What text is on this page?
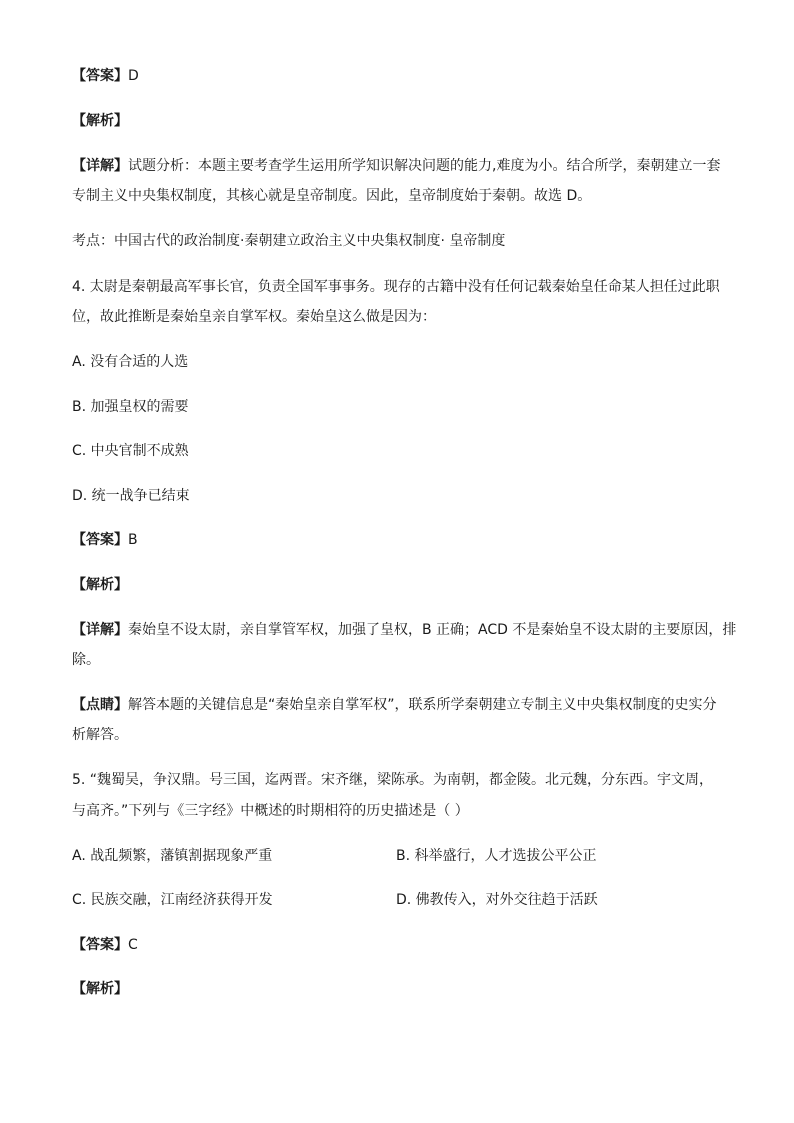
【答案】D
【解析】
【详解】试题分析：本题主要考查学生运用所学知识解决问题的能力,难度为小。结合所学，秦朝建立一套
专制主义中央集权制度，其核心就是皇帝制度。因此，皇帝制度始于秦朝。故选 D。
考点：中国古代的政治制度·秦朝建立政治主义中央集权制度· 皇帝制度
4. 太尉是秦朝最高军事长官，负责全国军事事务。现存的古籍中没有任何记载秦始皇任命某人担任过此职
位，故此推断是秦始皇亲自掌军权。秦始皇这么做是因为：
A. 没有合适的人选
B. 加强皇权的需要
C. 中央官制不成熟
D. 统一战争已结束
【答案】B
【解析】
【详解】秦始皇不设太尉，亲自掌管军权，加强了皇权，B 正确；ACD 不是秦始皇不设太尉的主要原因，排
除。
【点睛】解答本题的关键信息是“秦始皇亲自掌军权”，联系所学秦朝建立专制主义中央集权制度的史实分
析解答。
5. “魏蜀吴，争汉鼎。号三国，迄两晋。宋齐继，梁陈承。为南朝，都金陵。北元魏，分东西。宇文周，
与高齐。”下列与《三字经》中概述的时期相符的历史描述是（ ）
A. 战乱频繁，藩镇割据现象严重	B. 科举盛行，人才选拔公平公正
C. 民族交融，江南经济获得开发	D. 佛教传入，对外交往趋于活跃
【答案】C
【解析】
